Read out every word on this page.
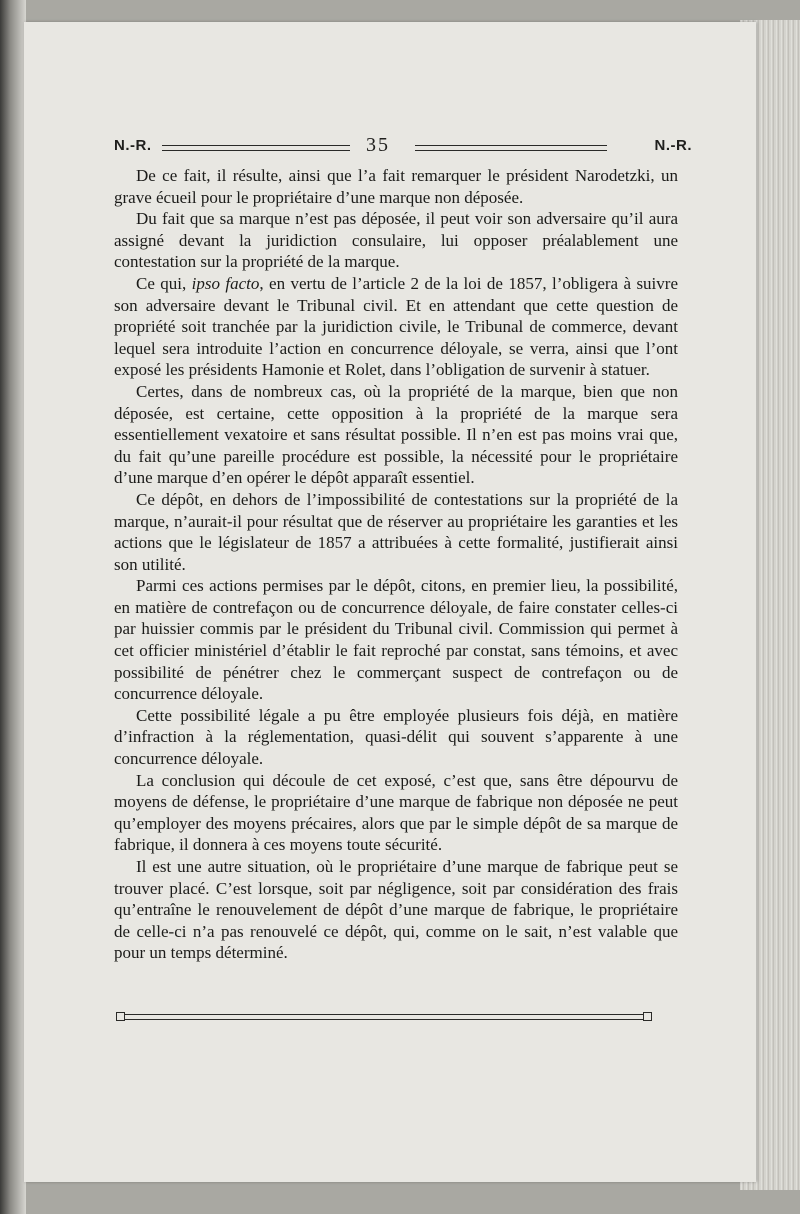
N.-R.	35	N.-R.

De ce fait, il résulte, ainsi que l’a fait remarquer le président Narodetzki, un grave écueil pour le propriétaire d’une marque non déposée.

Du fait que sa marque n’est pas déposée, il peut voir son adversaire qu’il aura assigné devant la juridiction consulaire, lui opposer préalablement une contestation sur la propriété de la marque.

Ce qui, ipso facto, en vertu de l’article 2 de la loi de 1857, l’obligera à suivre son adversaire devant le Tribunal civil. Et en attendant que cette question de propriété soit tranchée par la juridiction civile, le Tribunal de commerce, devant lequel sera introduite l’action en concurrence déloyale, se verra, ainsi que l’ont exposé les présidents Hamonie et Rolet, dans l’obligation de survenir à statuer.

Certes, dans de nombreux cas, où la propriété de la marque, bien que non déposée, est certaine, cette opposition à la propriété de la marque sera essentiellement vexatoire et sans résultat possible. Il n’en est pas moins vrai que, du fait qu’une pareille procédure est possible, la nécessité pour le propriétaire d’une marque d’en opérer le dépôt apparaît essentiel.

Ce dépôt, en dehors de l’impossibilité de contestations sur la propriété de la marque, n’aurait-il pour résultat que de réserver au propriétaire les garanties et les actions que le législateur de 1857 a attribuées à cette formalité, justifierait ainsi son utilité.

Parmi ces actions permises par le dépôt, citons, en premier lieu, la possibilité, en matière de contrefaçon ou de concurrence déloyale, de faire constater celles-ci par huissier commis par le président du Tribunal civil. Commission qui permet à cet officier ministériel d’établir le fait reproché par constat, sans témoins, et avec possibilité de pénétrer chez le commerçant suspect de contrefaçon ou de concurrence déloyale.

Cette possibilité légale a pu être employée plusieurs fois déjà, en matière d’infraction à la réglementation, quasi-délit qui souvent s’apparente à une concurrence déloyale.

La conclusion qui découle de cet exposé, c’est que, sans être dépourvu de moyens de défense, le propriétaire d’une marque de fabrique non déposée ne peut qu’employer des moyens précaires, alors que par le simple dépôt de sa marque de fabrique, il donnera à ces moyens toute sécurité.

Il est une autre situation, où le propriétaire d’une marque de fabrique peut se trouver placé. C’est lorsque, soit par négligence, soit par considération des frais qu’entraîne le renouvelement de dépôt d’une marque de fabrique, le propriétaire de celle-ci n’a pas renouvelé ce dépôt, qui, comme on le sait, n’est valable que pour un temps déterminé.
